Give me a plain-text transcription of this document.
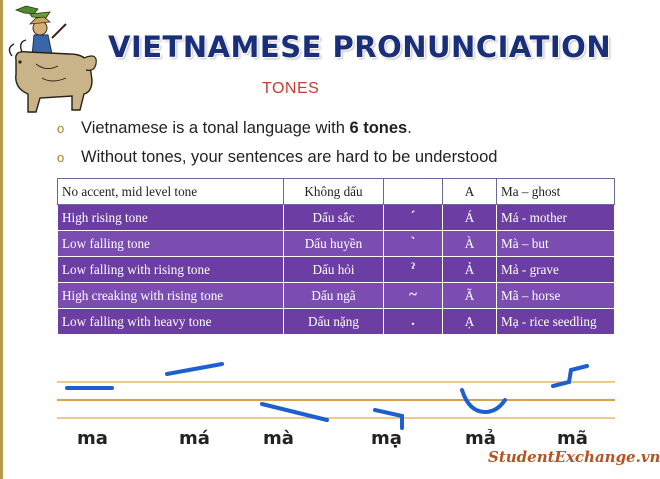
VIETNAMESE PRONUNCIATION
TONES
o Vietnamese is a tonal language with 6 tones.
o Without tones, your sentences are hard to be understood
No accent, mid level tone	Không dấu		A	Ma – ghost
High rising tone	Dấu sắc	´	Á	Má - mother
Low falling tone	Dấu huyền	`	À	Mà – but
Low falling with rising tone	Dấu hỏi	ˀ	Ả	Mả - grave
High creaking with rising tone	Dấu ngã	~	Ã	Mã – horse
Low falling with heavy tone	Dấu nặng	.	Ạ	Mạ - rice seedling
ma	má	mà	mạ	mả	mã
StudentExchange.vn
